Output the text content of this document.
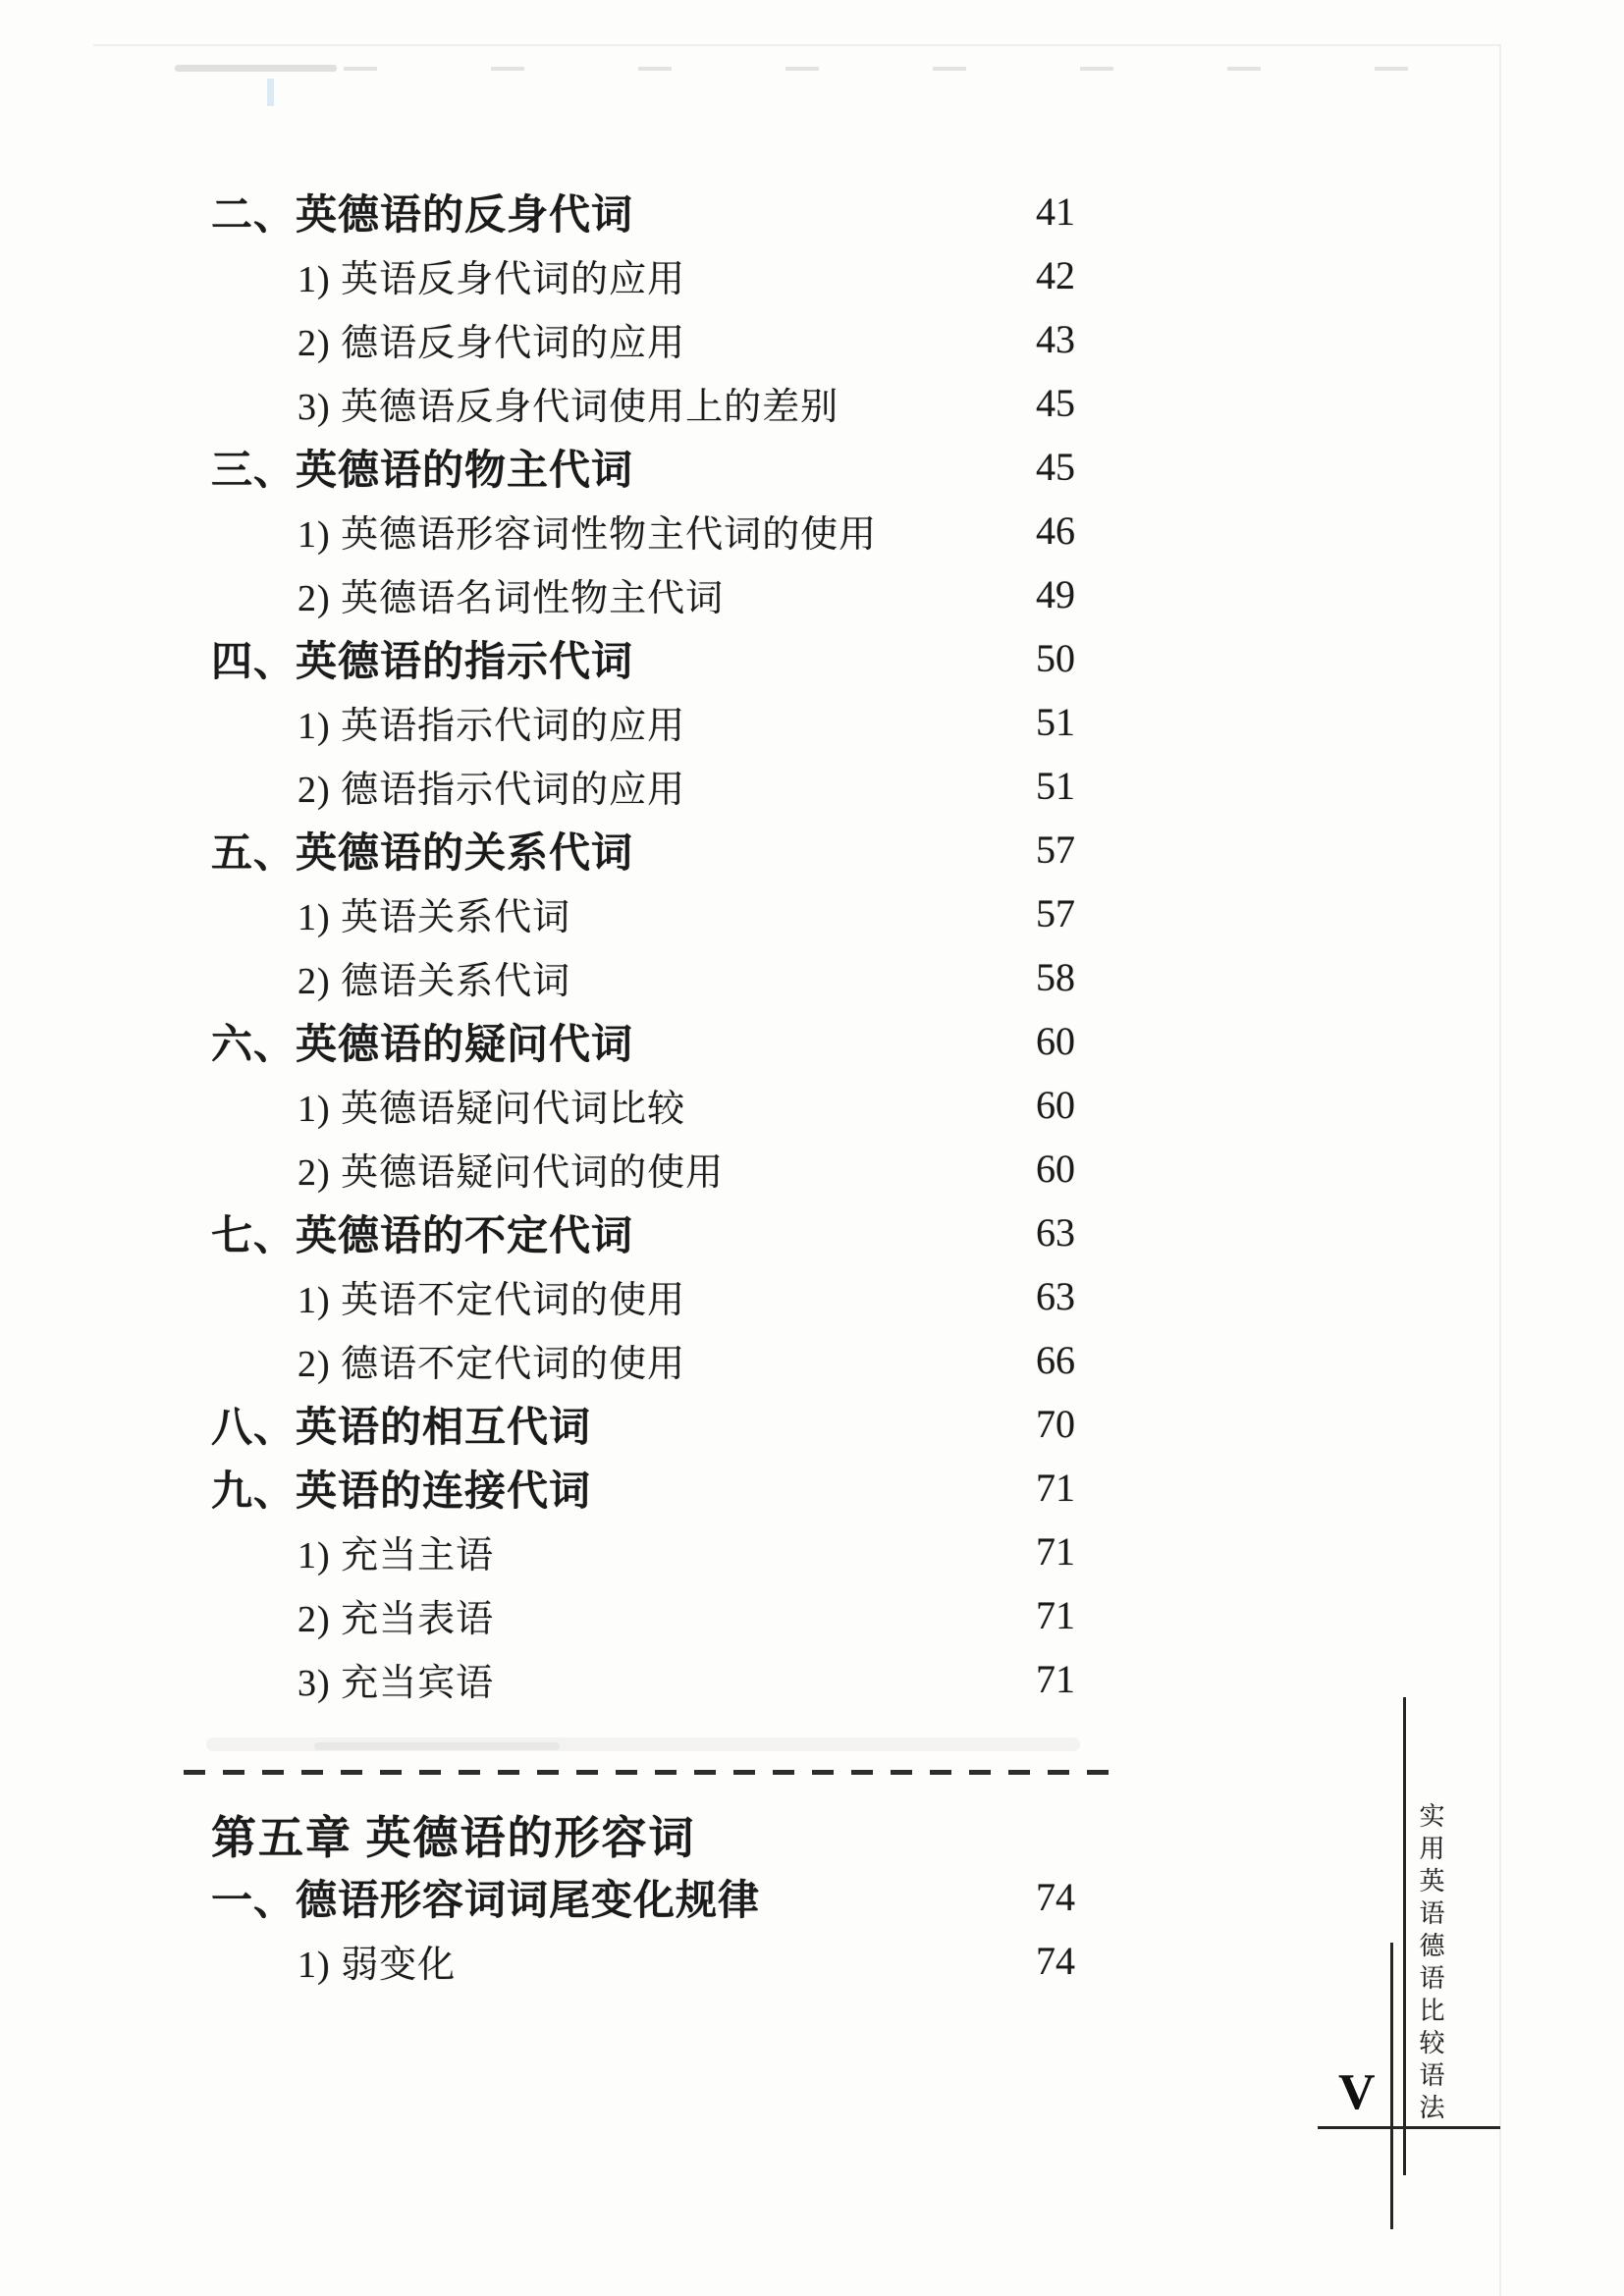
二、英德语的反身代词	41
1) 英语反身代词的应用	42
2) 德语反身代词的应用	43
3) 英德语反身代词使用上的差别	45
三、英德语的物主代词	45
1) 英德语形容词性物主代词的使用	46
2) 英德语名词性物主代词	49
四、英德语的指示代词	50
1) 英语指示代词的应用	51
2) 德语指示代词的应用	51
五、英德语的关系代词	57
1) 英语关系代词	57
2) 德语关系代词	58
六、英德语的疑问代词	60
1) 英德语疑问代词比较	60
2) 英德语疑问代词的使用	60
七、英德语的不定代词	63
1) 英语不定代词的使用	63
2) 德语不定代词的使用	66
八、英语的相互代词	70
九、英语的连接代词	71
1) 充当主语	71
2) 充当表语	71
3) 充当宾语	71
第五章 英德语的形容词
一、德语形容词词尾变化规律	74
1) 弱变化	74	实用英语德语比较语法
V
